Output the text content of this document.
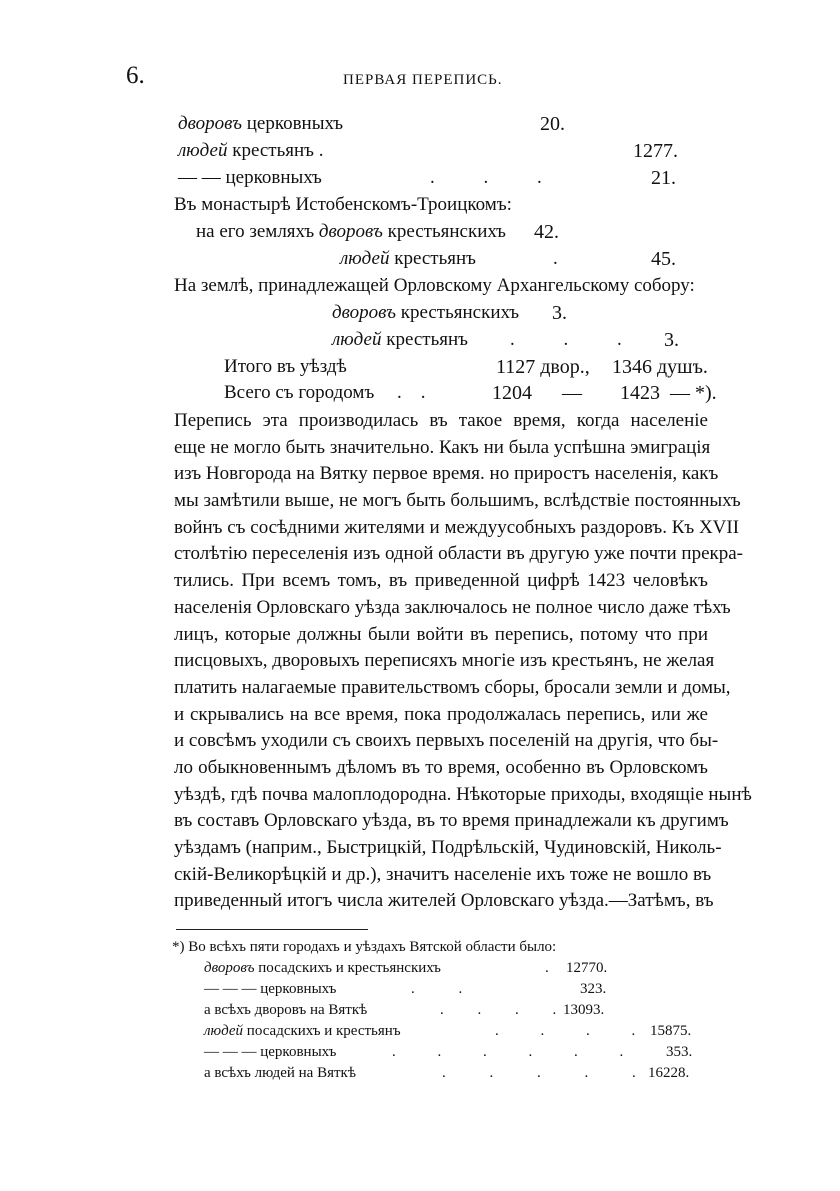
6.	ПЕРВАЯ ПЕРЕПИСЬ.
дворовъ церковныхъ	20.
людей крестьянъ .	1277.
— — церковныхъ	. . .	21.
Въ монастырѣ Истобенскомъ-Троицкомъ:
на его земляхъ дворовъ крестьянскихъ 42.
людей крестьянъ	.	45.
На землѣ, принадлежащей Орловскому Архангельскому собору:
дворовъ крестьянскихъ 3.
людей крестьянъ . . . 3.
Итого въ уѣздѣ	1127 двор., 1346 душъ.
Всего съ городомъ .    .	1204 — 1423 — *).
Перепись эта производилась въ такое время, когда населеніе
еще не могло быть значительно. Какъ ни была успѣшна эмиграція
изъ Новгорода на Вятку первое время. но приростъ населенія, какъ
мы замѣтили выше, не могъ быть большимъ, вслѣдствіе постоянныхъ
войнъ съ сосѣдними жителями и междуусобныхъ раздоровъ. Къ XVII
столѣтію переселенія изъ одной области въ другую уже почти прекра-
тились. При всемъ томъ, въ приведенной цифрѣ 1423 человѣкъ
населенія Орловскаго уѣзда заключалось не полное число даже тѣхъ
лицъ, которые должны были войти въ перепись, потому что при
писцовыхъ, дворовыхъ переписяхъ многіе изъ крестьянъ, не желая
платить налагаемые правительствомъ сборы, бросали земли и домы,
и скрывались на все время, пока продолжалась перепись, или же
и совсѣмъ уходили съ своихъ первыхъ поселеній на другія, что бы-
ло обыкновеннымъ дѣломъ въ то время, особенно въ Орловскомъ
уѣздѣ, гдѣ почва малоплодородна. Нѣкоторые приходы, входящіе нынѣ
въ составъ Орловскаго уѣзда, въ то время принадлежали къ другимъ
уѣздамъ (наприм., Быстрицкій, Подрѣльскій, Чудиновскій, Николь-
скій-Великорѣцкій и др.), значитъ населеніе ихъ тоже не вошло въ
приведенный итогъ числа жителей Орловскаго уѣзда.—Затѣмъ, въ
*) Во всѣхъ пяти городахъ и уѣздахъ Вятской области было:
дворовъ посадскихъ и крестьянскихъ	. 12770.
— — — церковныхъ	. .	323.
а всѣхъ дворовъ на Вяткѣ	. . . . 13093.
людей посадскихъ и крестьянъ	. . . . 15875.
— — — церковныхъ	. . . . . .	353.
а всѣхъ людей на Вяткѣ	. . . . . 16228.
